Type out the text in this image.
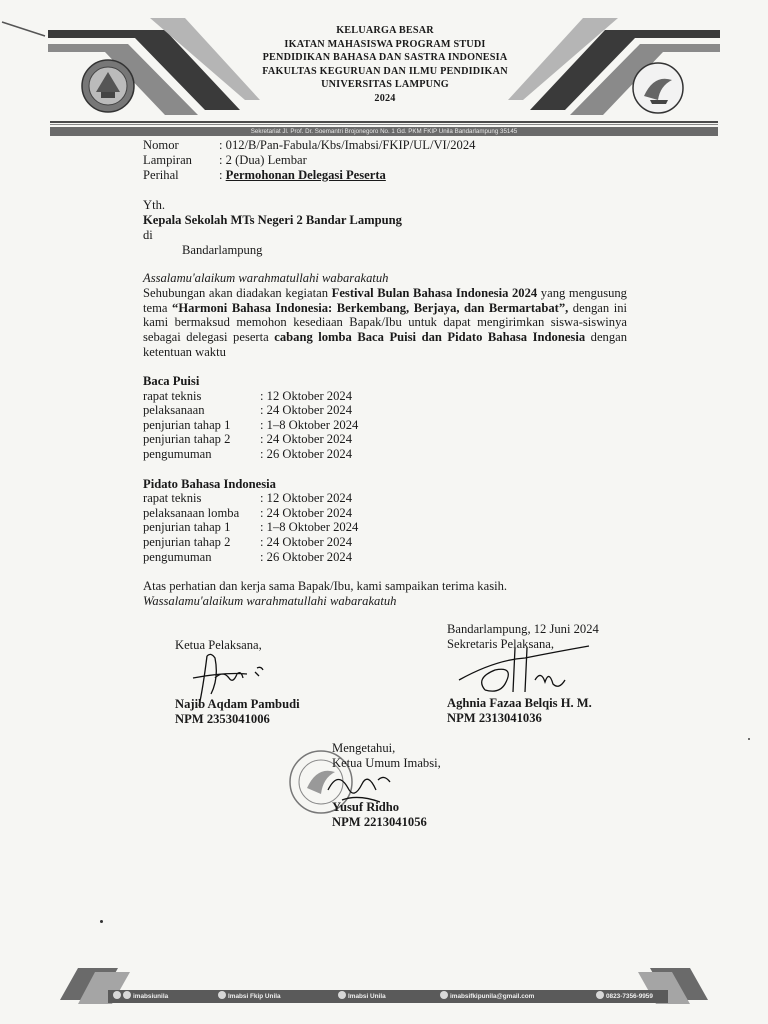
KELUARGA BESAR
IKATAN MAHASISWA PROGRAM STUDI
PENDIDIKAN BAHASA DAN SASTRA INDONESIA
FAKULTAS KEGURUAN DAN ILMU PENDIDIKAN
UNIVERSITAS LAMPUNG
2024
Sekretariat Jl. Prof. Dr. Soemantri Brojonegoro No. 1 Gd. PKM FKIP Unila Bandarlampung 35145
Nomor	: 012/B/Pan-Fabula/Kbs/Imabsi/FKIP/UL/VI/2024
Lampiran : 2 (Dua) Lembar
Perihal	: Permohonan Delegasi Peserta
Yth.
Kepala Sekolah MTs Negeri 2 Bandar Lampung
di
Bandarlampung
Assalamu'alaikum warahmatullahi wabarakatuh
Sehubungan akan diadakan kegiatan Festival Bulan Bahasa Indonesia 2024 yang mengusung tema “Harmoni Bahasa Indonesia: Berkembang, Berjaya, dan Bermartabat”, dengan ini kami bermaksud memohon kesediaan Bapak/Ibu untuk dapat mengirimkan siswa-siswinya sebagai delegasi peserta cabang lomba Baca Puisi dan Pidato Bahasa Indonesia dengan ketentuan waktu
Baca Puisi
rapat teknis	: 12 Oktober 2024
pelaksanaan	: 24 Oktober 2024
penjurian tahap 1 : 1–8 Oktober 2024
penjurian tahap 2 : 24 Oktober 2024
pengumuman	: 26 Oktober 2024
Pidato Bahasa Indonesia
rapat teknis	: 12 Oktober 2024
pelaksanaan lomba : 24 Oktober 2024
penjurian tahap 1 : 1–8 Oktober 2024
penjurian tahap 2 : 24 Oktober 2024
pengumuman	: 26 Oktober 2024
Atas perhatian dan kerja sama Bapak/Ibu, kami sampaikan terima kasih.
Wassalamu'alaikum warahmatullahi wabarakatuh
Bandarlampung, 12 Juni 2024
Ketua Pelaksana,	Sekretaris Pelaksana,
Najib Aqdam Pambudi
NPM 2353041006
Aghnia Fazaa Belqis H. M.
NPM 2313041036
Mengetahui,
Ketua Umum Imabsi,
Yusuf Ridho
NPM 2213041056
imabsiunila	Imabsi Fkip Unila	Imabsi Unila	imabsifkipunila@gmail.com	0823-7356-9959
